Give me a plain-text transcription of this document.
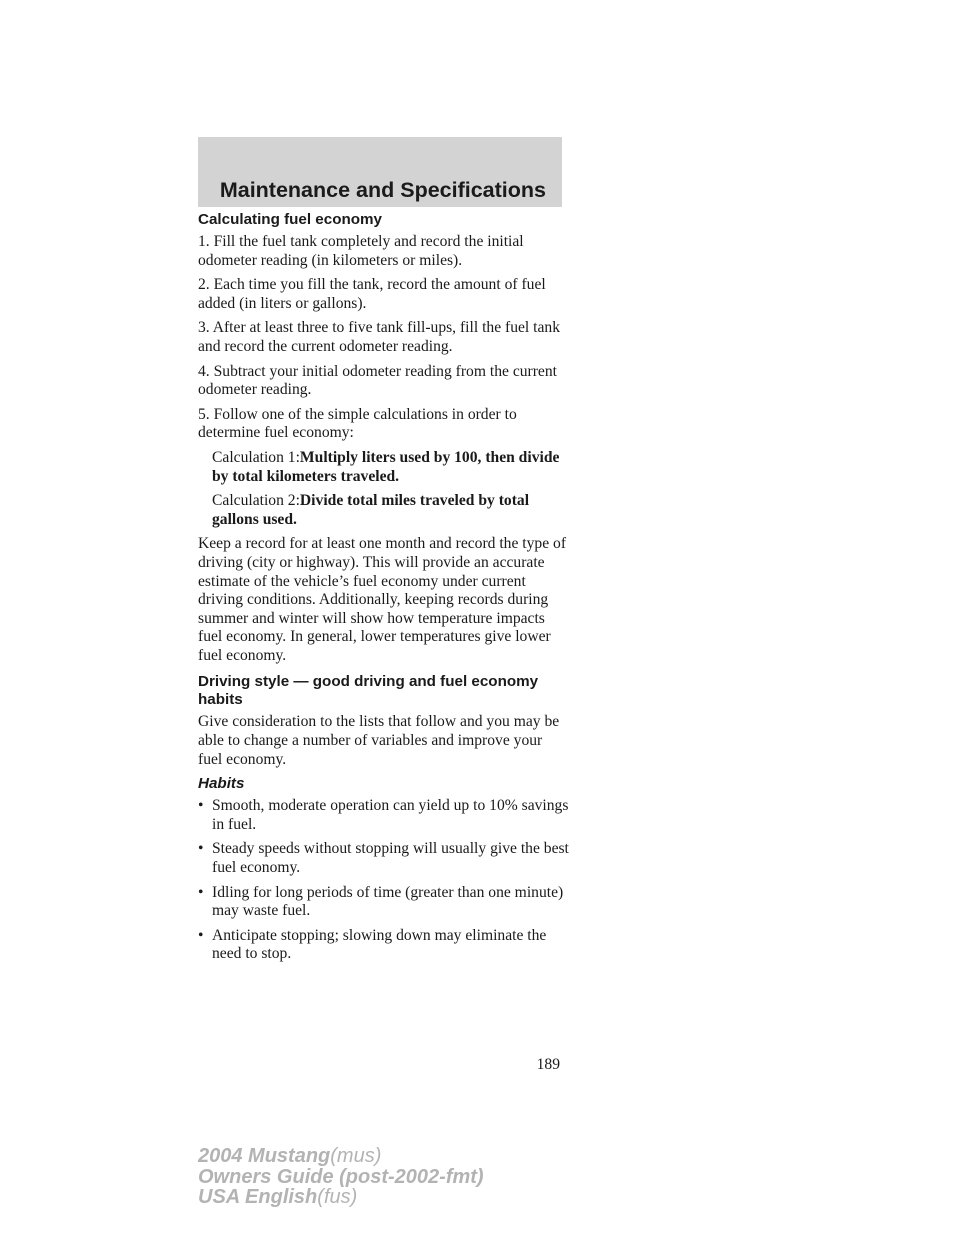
Maintenance and Specifications
Calculating fuel economy

1. Fill the fuel tank completely and record the initial odometer reading (in kilometers or miles).

2. Each time you fill the tank, record the amount of fuel added (in liters or gallons).

3. After at least three to five tank fill-ups, fill the fuel tank and record the current odometer reading.

4. Subtract your initial odometer reading from the current odometer reading.

5. Follow one of the simple calculations in order to determine fuel economy:

Calculation 1:Multiply liters used by 100, then divide by total kilometers traveled.

Calculation 2:Divide total miles traveled by total gallons used.

Keep a record for at least one month and record the type of driving (city or highway). This will provide an accurate estimate of the vehicle’s fuel economy under current driving conditions. Additionally, keeping records during summer and winter will show how temperature impacts fuel economy. In general, lower temperatures give lower fuel economy.

Driving style — good driving and fuel economy habits

Give consideration to the lists that follow and you may be able to change a number of variables and improve your fuel economy.

Habits
• Smooth, moderate operation can yield up to 10% savings in fuel.
• Steady speeds without stopping will usually give the best fuel economy.
• Idling for long periods of time (greater than one minute) may waste fuel.
• Anticipate stopping; slowing down may eliminate the need to stop.
189
2004 Mustang(mus)
Owners Guide (post-2002-fmt)
USA English(fus)
